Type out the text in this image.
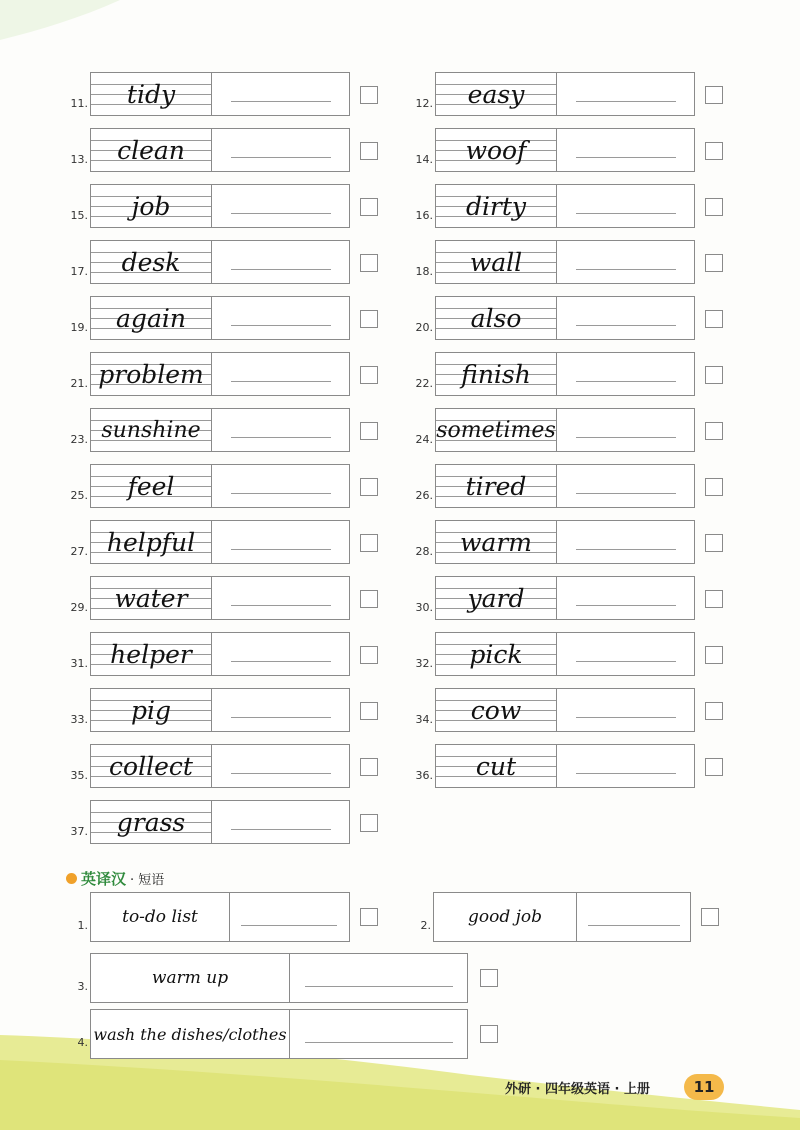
11.	tidy	12.	easy
13.	clean	14.	woof
15.	job	16.	dirty
17.	desk	18.	wall
19.	again	20.	also
21. problem	22.	finish
23. sunshine	24. sometimes
25.	feel	26.	tired
27. helpful	28.	warm
29.	water	30.	yard
31. helper	32.	pick
33.	pig	34.	cow
35. collect	36.	cut
37.	grass
英译汉 · 短语
1.	to-do list	2.	good job
3.	warm up
4. wash the dishes/clothes
外研 · 四年级英语 · 上册	11
